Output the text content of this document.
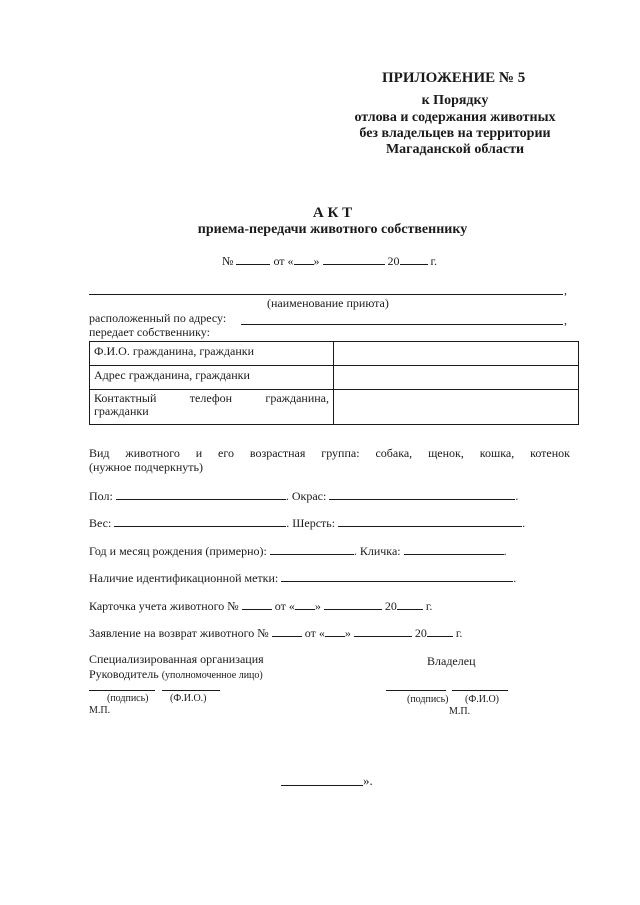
ПРИЛОЖЕНИЕ № 5
к Порядку
отлова и содержания животных
без владельцев на территории
Магаданской области
А К Т
приема-передачи животного собственнику
№	от « »	20	г.
,
(наименование приюта)
расположенный по адресу:	,
передает собственнику:
Ф.И.О. гражданина, гражданки	
Адрес гражданина, гражданки	

Контактный телефон гражданина,
гражданки	

Вид животного и его возрастная группа: собака, щенок, кошка, котенок
(нужное подчеркнуть)
Пол:	. Окрас:	.
Вес:	. Шерсть:	.
Год и месяц рождения (примерно):	. Кличка:	.
Наличие идентификационной метки:	.
Карточка учета животного №	от « »	20 г.
Заявление на возврат животного №	от « »	20 г.
Специализированная организация
Руководитель (уполномоченное лицо)
(подпись) (Ф.И.О.)
М.П.
Владелец
(подпись) (Ф.И.О)
М.П.
».
